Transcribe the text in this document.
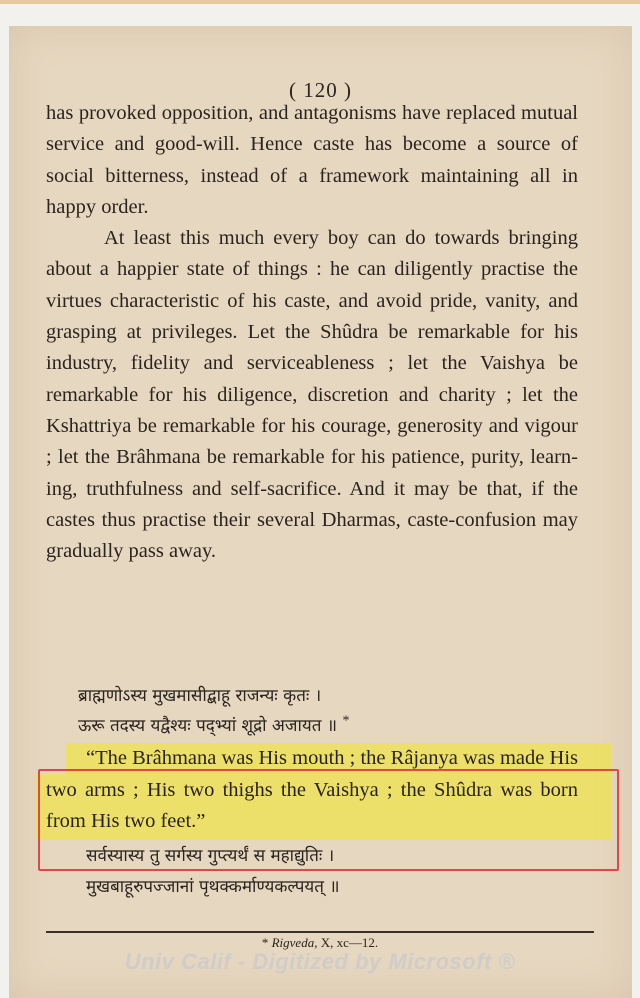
( 120 )

has provoked opposition, and antagonisms have replaced mutual service and good-will. Hence caste has become a source of social bitterness, instead of a framework maintaining all in happy order.

At least this much every boy can do towards bringing about a happier state of things : he can diligently practise the virtues characteristic of his caste, and avoid pride, vanity, and grasping at privileges. Let the Shûdra be remarkable for his industry, fidelity and serviceableness ; let the Vaishya be remarkable for his diligence, discretion and charity ; let the Kshattriya be remarkable for his courage, generosity and vigour ; let the Brâhmana be remarkable for his patience, purity, learning, truthfulness and self-sacrifice. And it may be that, if the castes thus practise their several Dharmas, caste-confusion may gradually pass away.

ब्राह्मणोऽस्य मुखमासीद्बाहू राजन्यः कृतः ।
ऊरू तदस्य यद्वैश्यः पद्भ्यां शूद्रो अजायत ॥ *
“The Brâhmana was His mouth ; the Râjanya was made His two arms ; His two thighs the Vaishya ; the Shûdra was born from His two feet.”
सर्वस्यास्य तु सर्गस्य गुप्त्यर्थं स महाद्युतिः ।
मुखबाहूरुपज्जानां पृथक्कर्माण्यकल्पयत् ॥
* Rigveda, X, xc—12.
Univ Calif - Digitized by Microsoft ®
